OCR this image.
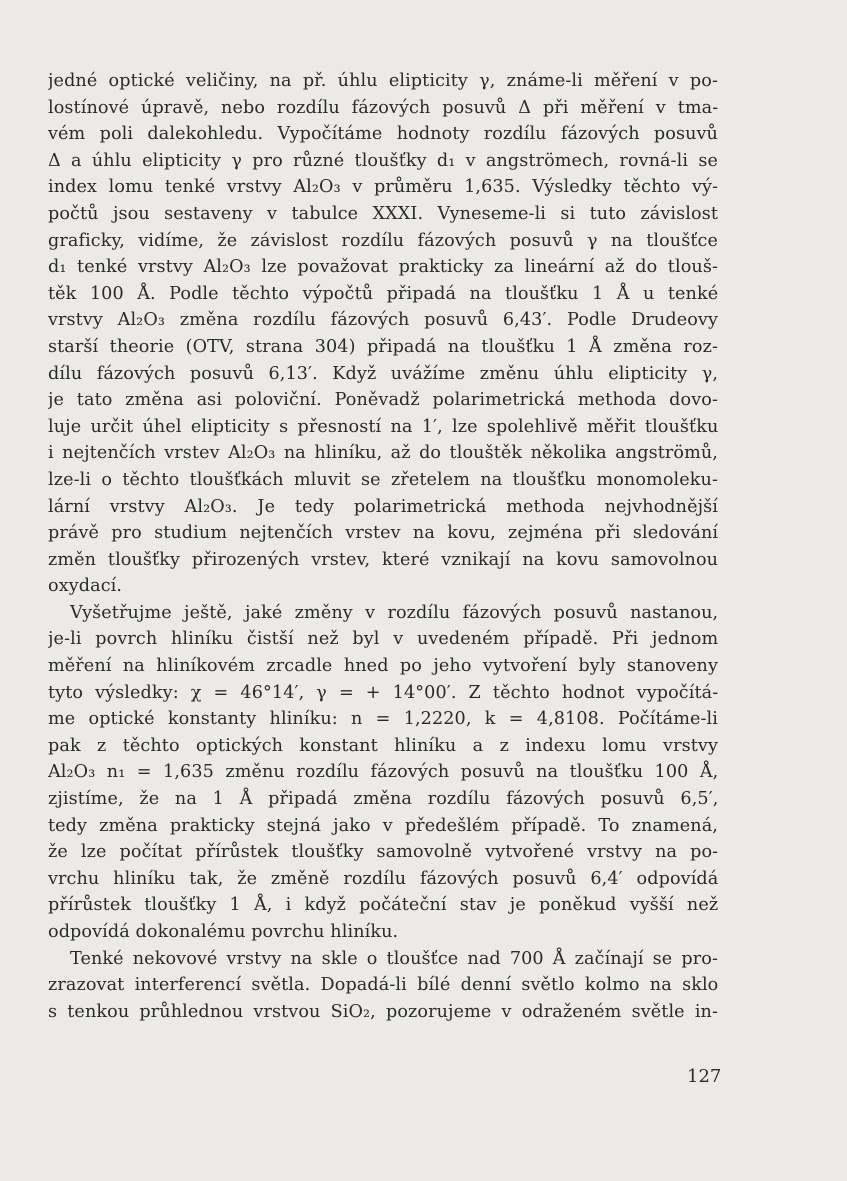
jedné optické veličiny, na př. úhlu elipticity γ, známe-li měření v po-
lostínové úpravě, nebo rozdílu fázových posuvů Δ při měření v tma-
vém poli dalekohledu. Vypočítáme hodnoty rozdílu fázových posuvů
Δ a úhlu elipticity γ pro různé tloušťky d₁ v angströmech, rovná-li se
index lomu tenké vrstvy Al₂O₃ v průměru 1,635. Výsledky těchto vý-
počtů jsou sestaveny v tabulce XXXI. Vyneseme-li si tuto závislost
graficky, vidíme, že závislost rozdílu fázových posuvů γ na tloušťce
d₁ tenké vrstvy Al₂O₃ lze považovat prakticky za lineární až do tlouš-
těk 100 Å. Podle těchto výpočtů připadá na tloušťku 1 Å u tenké
vrstvy Al₂O₃ změna rozdílu fázových posuvů 6,43′. Podle Drudeovy
starší theorie (OTV, strana 304) připadá na tloušťku 1 Å změna roz-
dílu fázových posuvů 6,13′. Když uvážíme změnu úhlu elipticity γ,
je tato změna asi poloviční. Poněvadž polarimetrická methoda dovo-
luje určit úhel elipticity s přesností na 1′, lze spolehlivě měřit tloušťku
i nejtenčích vrstev Al₂O₃ na hliníku, až do tlouštěk několika angströmů,
lze-li o těchto tloušťkách mluvit se zřetelem na tloušťku monomoleku-
lární vrstvy Al₂O₃. Je tedy polarimetrická methoda nejvhodnější
právě pro studium nejtenčích vrstev na kovu, zejména při sledování
změn tloušťky přirozených vrstev, které vznikají na kovu samovolnou
oxydací.
Vyšetřujme ještě, jaké změny v rozdílu fázových posuvů nastanou,
je-li povrch hliníku čistší než byl v uvedeném případě. Při jednom
měření na hliníkovém zrcadle hned po jeho vytvoření byly stanoveny
tyto výsledky: χ = 46°14′, γ = + 14°00′. Z těchto hodnot vypočítá-
me optické konstanty hliníku: n = 1,2220, k = 4,8108. Počítáme-li
pak z těchto optických konstant hliníku a z indexu lomu vrstvy
Al₂O₃ n₁ = 1,635 změnu rozdílu fázových posuvů na tloušťku 100 Å,
zjistíme, že na 1 Å připadá změna rozdílu fázových posuvů 6,5′,
tedy změna prakticky stejná jako v předešlém případě. To znamená,
že lze počítat přírůstek tloušťky samovolně vytvořené vrstvy na po-
vrchu hliníku tak, že změně rozdílu fázových posuvů 6,4′ odpovídá
přírůstek tloušťky 1 Å, i když počáteční stav je poněkud vyšší než
odpovídá dokonalému povrchu hliníku.
Tenké nekovové vrstvy na skle o tloušťce nad 700 Å začínají se pro-
zrazovat interferencí světla. Dopadá-li bílé denní světlo kolmo na sklo
s tenkou průhlednou vrstvou SiO₂, pozorujeme v odraženém světle in-
127
